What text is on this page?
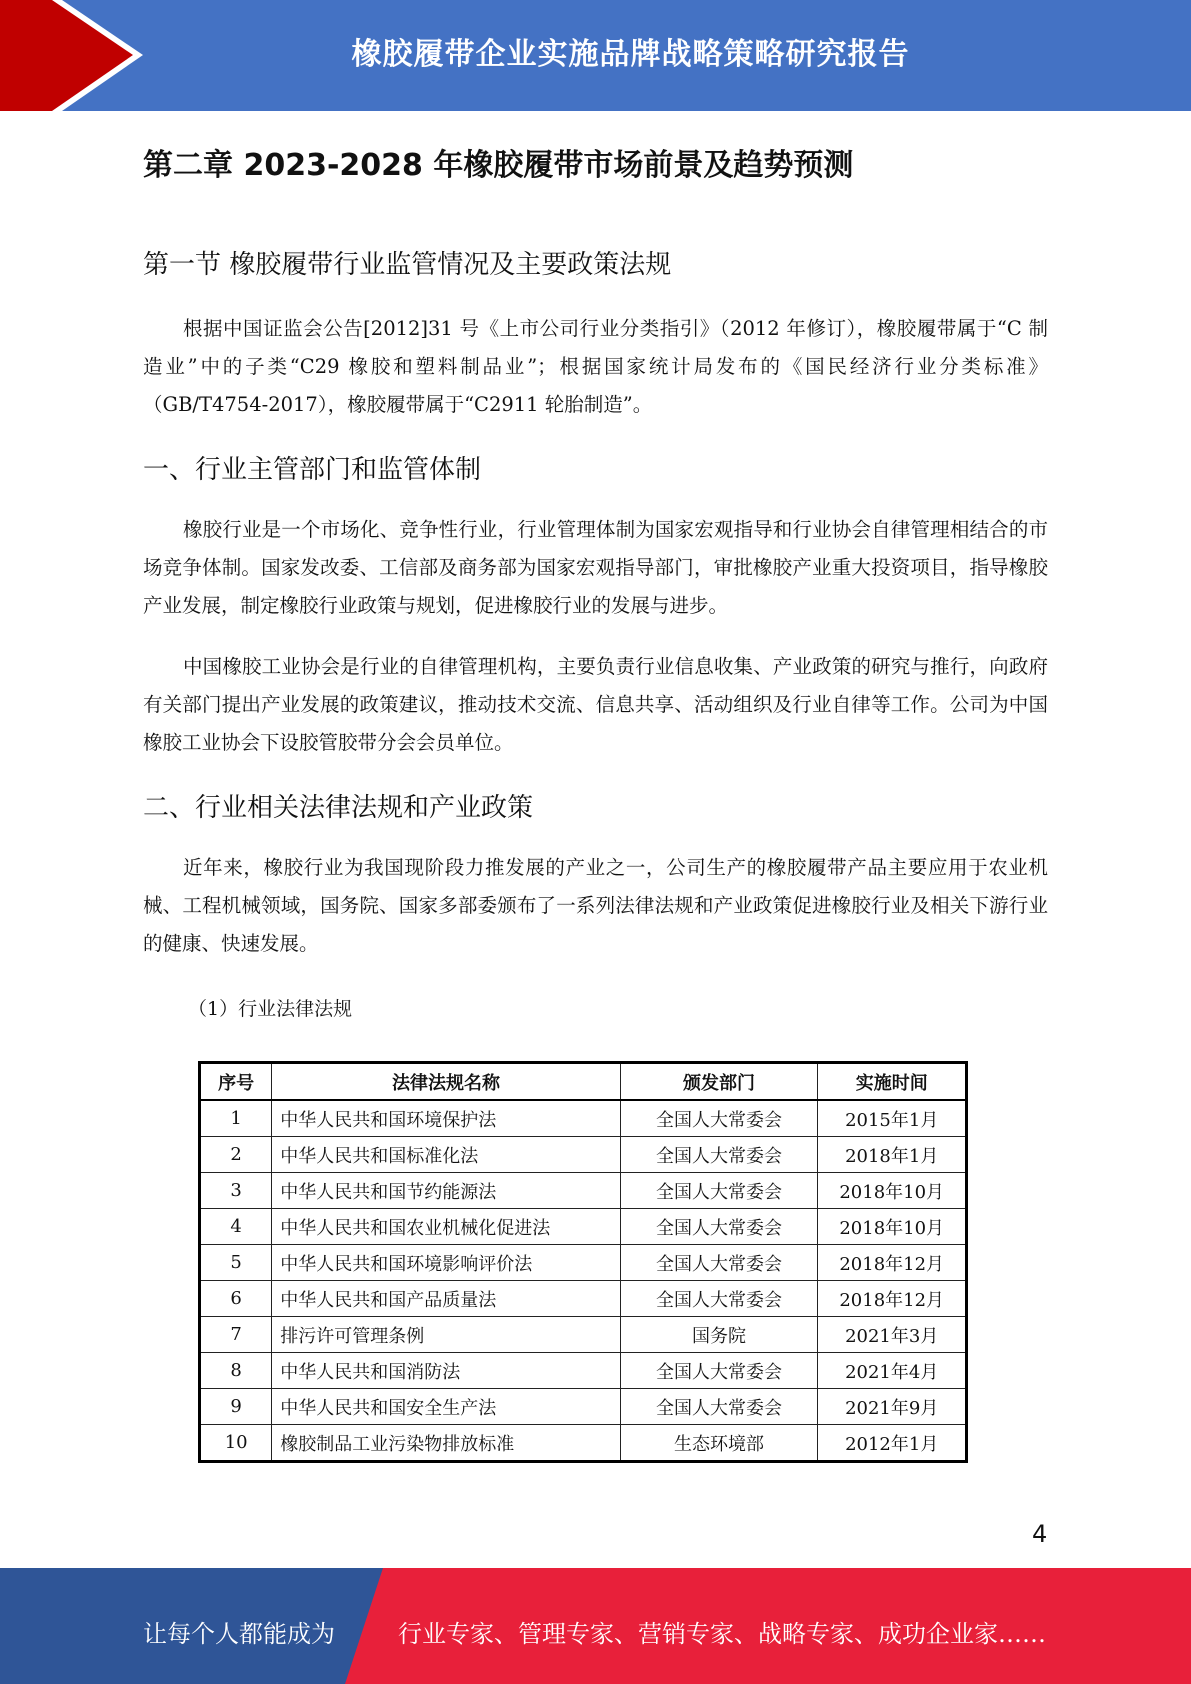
橡胶履带企业实施品牌战略策略研究报告
第二章 2023-2028 年橡胶履带市场前景及趋势预测
第一节 橡胶履带行业监管情况及主要政策法规

根据中国证监会公告[2012]31 号《上市公司行业分类指引》（2012 年修订），橡胶履带属于“C 制造业”中的子类“C29 橡胶和塑料制品业”；根据国家统计局发布的《国民经济行业分类标准》（GB/T4754-2017），橡胶履带属于“C2911 轮胎制造”。

一、行业主管部门和监管体制

橡胶行业是一个市场化、竞争性行业，行业管理体制为国家宏观指导和行业协会自律管理相结合的市场竞争体制。国家发改委、工信部及商务部为国家宏观指导部门，审批橡胶产业重大投资项目，指导橡胶产业发展，制定橡胶行业政策与规划，促进橡胶行业的发展与进步。

中国橡胶工业协会是行业的自律管理机构，主要负责行业信息收集、产业政策的研究与推行，向政府有关部门提出产业发展的政策建议，推动技术交流、信息共享、活动组织及行业自律等工作。公司为中国橡胶工业协会下设胶管胶带分会会员单位。

二、行业相关法律法规和产业政策

近年来，橡胶行业为我国现阶段力推发展的产业之一，公司生产的橡胶履带产品主要应用于农业机械、工程机械领域，国务院、国家多部委颁布了一系列法律法规和产业政策促进橡胶行业及相关下游行业的健康、快速发展。

（1）行业法律法规

序号	法律法规名称	颁发部门	实施时间
1	中华人民共和国环境保护法	全国人大常委会	2015年1月
2	中华人民共和国标准化法	全国人大常委会	2018年1月
3	中华人民共和国节约能源法	全国人大常委会	2018年10月
4	中华人民共和国农业机械化促进法	全国人大常委会	2018年10月
5	中华人民共和国环境影响评价法	全国人大常委会	2018年12月
6	中华人民共和国产品质量法	全国人大常委会	2018年12月
7	排污许可管理条例	国务院	2021年3月
8	中华人民共和国消防法	全国人大常委会	2021年4月
9	中华人民共和国安全生产法	全国人大常委会	2021年9月
10	橡胶制品工业污染物排放标准	生态环境部	2012年1月
4
让每个人都能成为	行业专家、管理专家、营销专家、战略专家、成功企业家……
